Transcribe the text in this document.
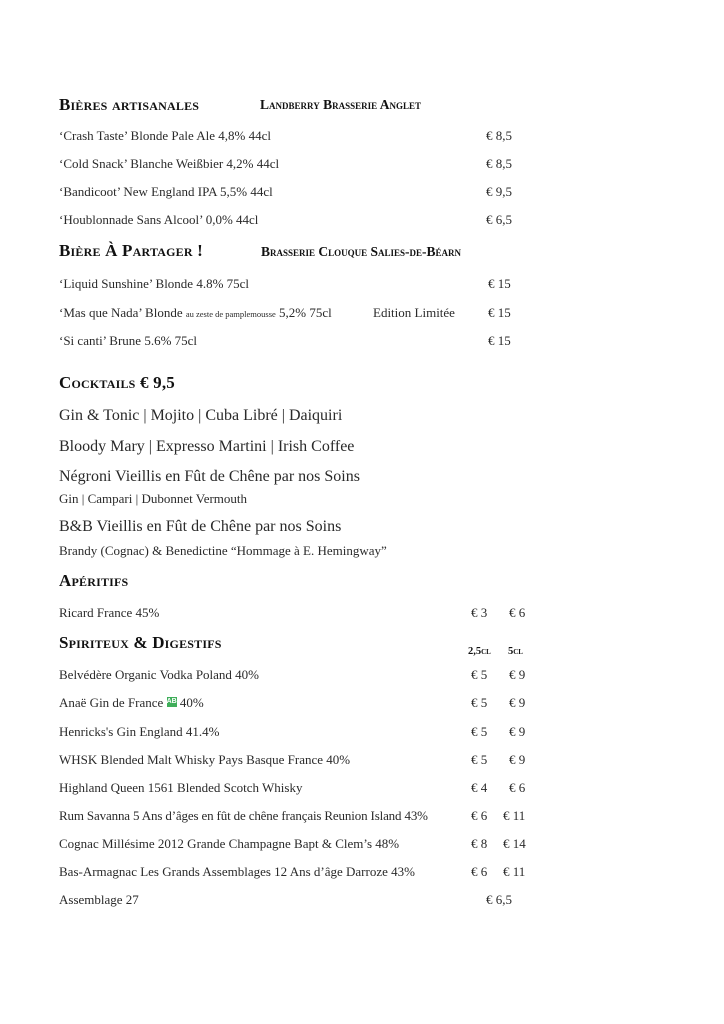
Bières artisanales	Landberry Brasserie Anglet
‘Crash Taste’ Blonde Pale Ale 4,8% 44cl	€ 8,5
‘Cold Snack’ Blanche Weißbier 4,2% 44cl	€ 8,5
‘Bandicoot’ New England IPA 5,5% 44cl	€ 9,5
‘Houblonnade Sans Alcool’ 0,0% 44cl	€ 6,5
Bière À Partager !	Brasserie Clouque Salies-de-Béarn
‘Liquid Sunshine’ Blonde 4.8% 75cl	€ 15
‘Mas que Nada’ Blonde au zeste de pamplemousse 5,2% 75cl	Edition Limitée	€ 15
‘Si canti’ Brune 5.6% 75cl	€ 15
Cocktails € 9,5
Gin & Tonic | Mojito | Cuba Libré | Daiquiri
Bloody Mary | Expresso Martini | Irish Coffee
Négroni Vieillis en Fût de Chêne par nos Soins
Gin | Campari | Dubonnet Vermouth
B&B Vieillis en Fût de Chêne par nos Soins
Brandy (Cognac) & Benedictine “Hommage à E. Hemingway”
Apéritifs
Ricard France 45%	€ 3 € 6
Spiriteux & Digestifs	2,5cl 5cl
Belvédère Organic Vodka Poland 40%	€ 5 € 9
Anaë Gin de France AB 40%	€ 5 € 9
Henricks's Gin England 41.4%	€ 5 € 9
WHSK Blended Malt Whisky Pays Basque France 40%	€ 5 € 9
Highland Queen 1561 Blended Scotch Whisky	€ 4 € 6
Rum Savanna 5 Ans d’âges en fût de chêne français Reunion Island 43%	€ 6 € 11
Cognac Millésime 2012 Grande Champagne Bapt & Clem’s 48%	€ 8 € 14
Bas-Armagnac Les Grands Assemblages 12 Ans d’âge Darroze 43%	€ 6 € 11
Assemblage 27	€ 6,5
